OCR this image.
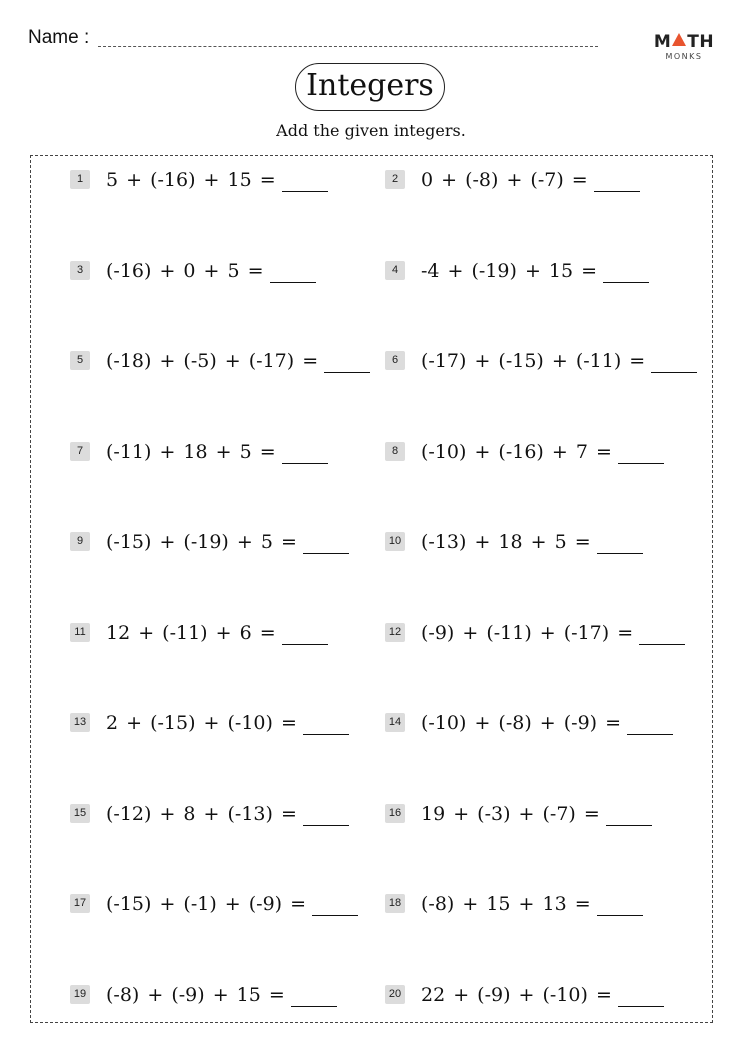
Name :	M TH
MONKS
Integers
Add the given integers.
1	5 + (-16) + 15 =	2	0 + (-8) + (-7) =
3	(-16) + 0 + 5 =	4	-4 + (-19) + 15 =
5	(-18) + (-5) + (-17) =	6	(-17) + (-15) + (-11) =
7	(-11) + 18 + 5 =	8	(-10) + (-16) + 7 =
9	(-15) + (-19) + 5 =	10 (-13) + 18 + 5 =
11 12 + (-11) + 6 =	12 (-9) + (-11) + (-17) =
13 2 + (-15) + (-10) =	14 (-10) + (-8) + (-9) =
15 (-12) + 8 + (-13) =	16 19 + (-3) + (-7) =
17 (-15) + (-1) + (-9) =	18 (-8) + 15 + 13 =
19 (-8) + (-9) + 15 =	20 22 + (-9) + (-10) =
